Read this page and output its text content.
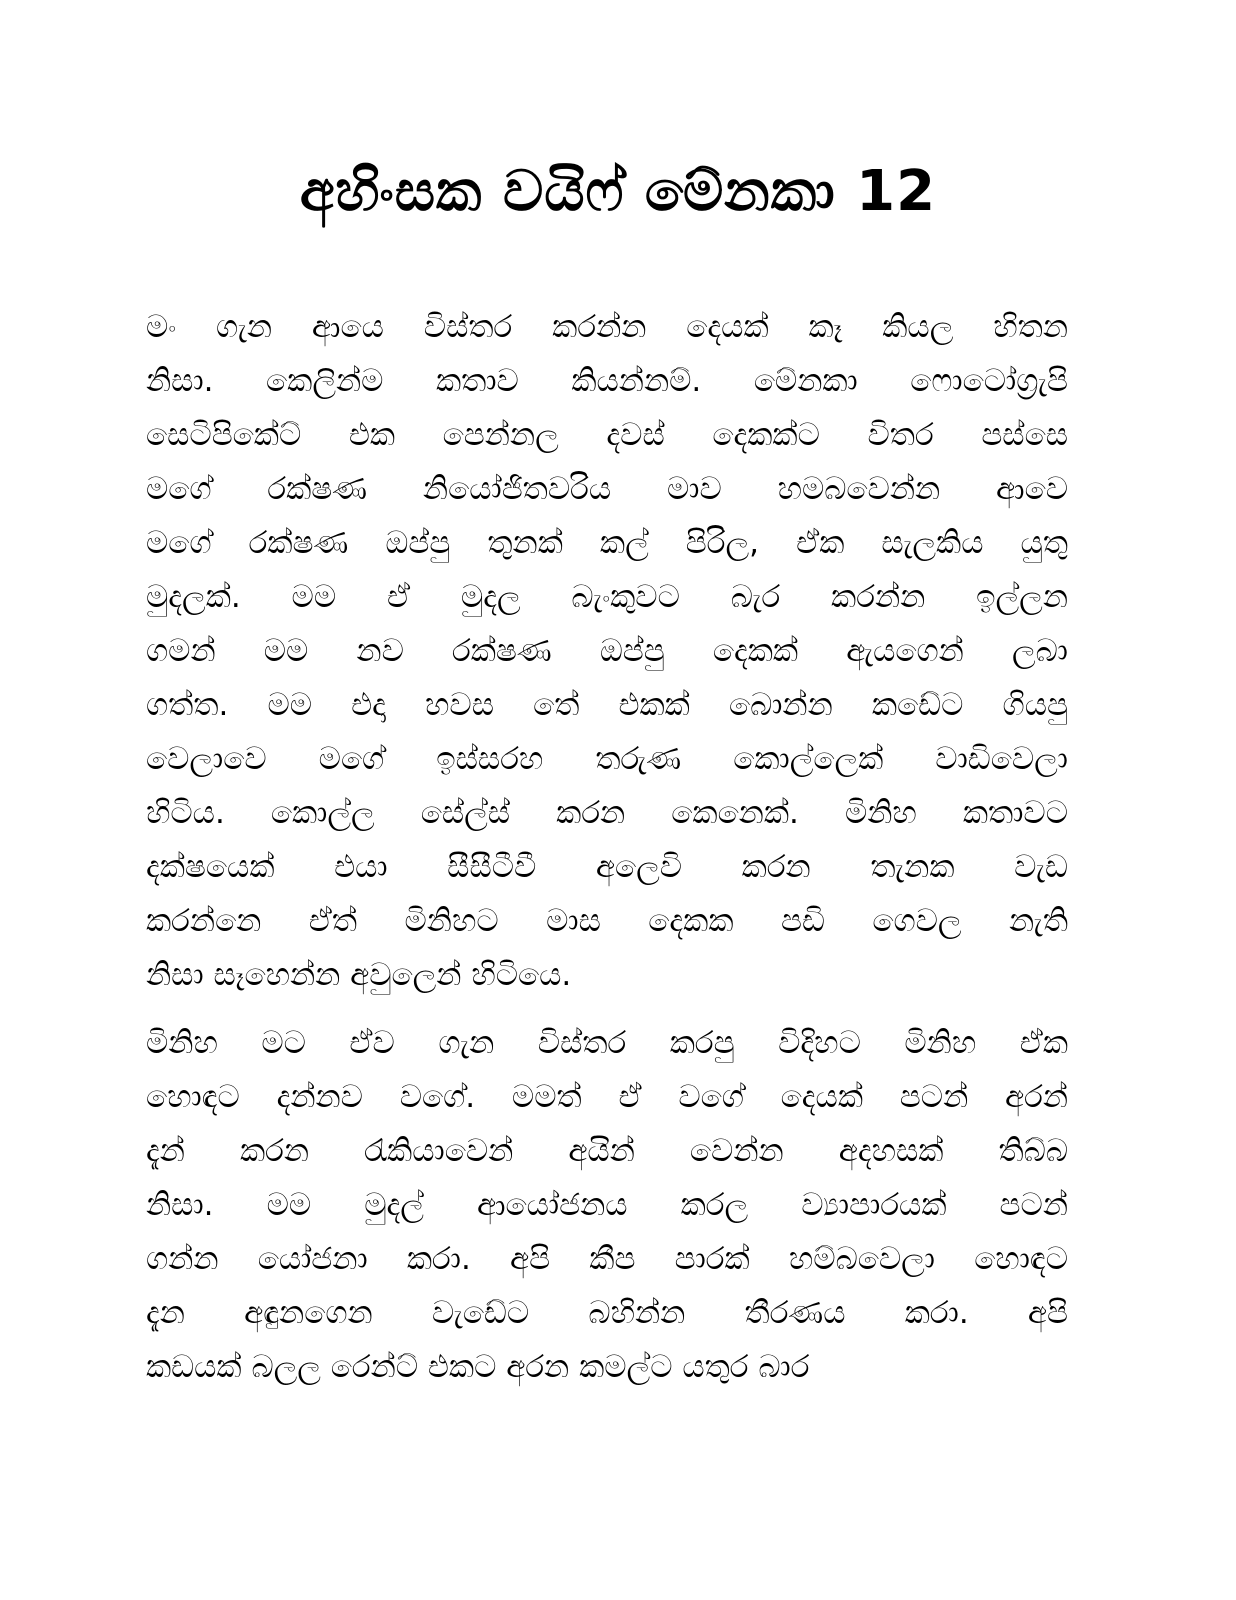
අහිංසක වයිෆ් මේනකා 12
මං ගැන ආයෙ විස්තර කරන්න දෙයක් කෑ කියල හිතන
නිසා. කෙලින්ම කතාව කියන්නම්. මේනකා ෆොටෝග්‍රැපි
සෙටිපිකේට් එක පෙන්නල දවස් දෙකක්ට විතර පස්සෙ
මගේ රක්ෂණ නියෝජිතවරිය මාව හමබවෙන්න ආවෙ
මගේ රක්ෂණ ඔප්පු තුනක් කල් පිරිල, ඒක සැලකිය යුතු
මුදලක්. මම ඒ මුදල බැංකුවට බැර කරන්න ඉල්ලන
ගමන් මම නව රක්ෂණ ඔප්පු දෙකක් ඇයගෙන් ලබා
ගත්ත. මම එදා හවස තේ එකක් බොන්න කඩේට ගියපු
වෙලාවෙ මගේ ඉස්සරහ තරුණ කොල්ලෙක් වාඩිවෙලා
හිටිය. කොල්ල සේල්ස් කරන කෙනෙක්. මිනිහ කතාවට
දක්ෂයෙක් එයා සීසීටීවී අලෙවි කරන තැනක වැඩ
කරන්නෙ ඒත් මිනිහට මාස දෙකක පඩි ගෙවල නැති
නිසා සෑහෙන්න අවුලෙන් හිටියෙ.
මිනිහ මට ඒව ගැන විස්තර කරපු විදිහට මිනිහ ඒක
හොඳට දන්නව වගේ. මමත් ඒ වගේ දෙයක් පටන් අරන්
දැන් කරන රැකියාවෙන් අයින් වෙන්න අදහසක් තිබ්බ
නිසා. මම මුදල් ආයෝජනය කරල ව්‍යාපාරයක් පටන්
ගන්න යෝජනා කරා. අපි කීප පාරක් හම්බවෙලා හොඳට
දැන අඳුනගෙන වැඩේට බහින්න තීරණය කරා. අපි
කඩයක් බලල රෙන්ට් එකට අරන කමල්ට යතුර බාර
